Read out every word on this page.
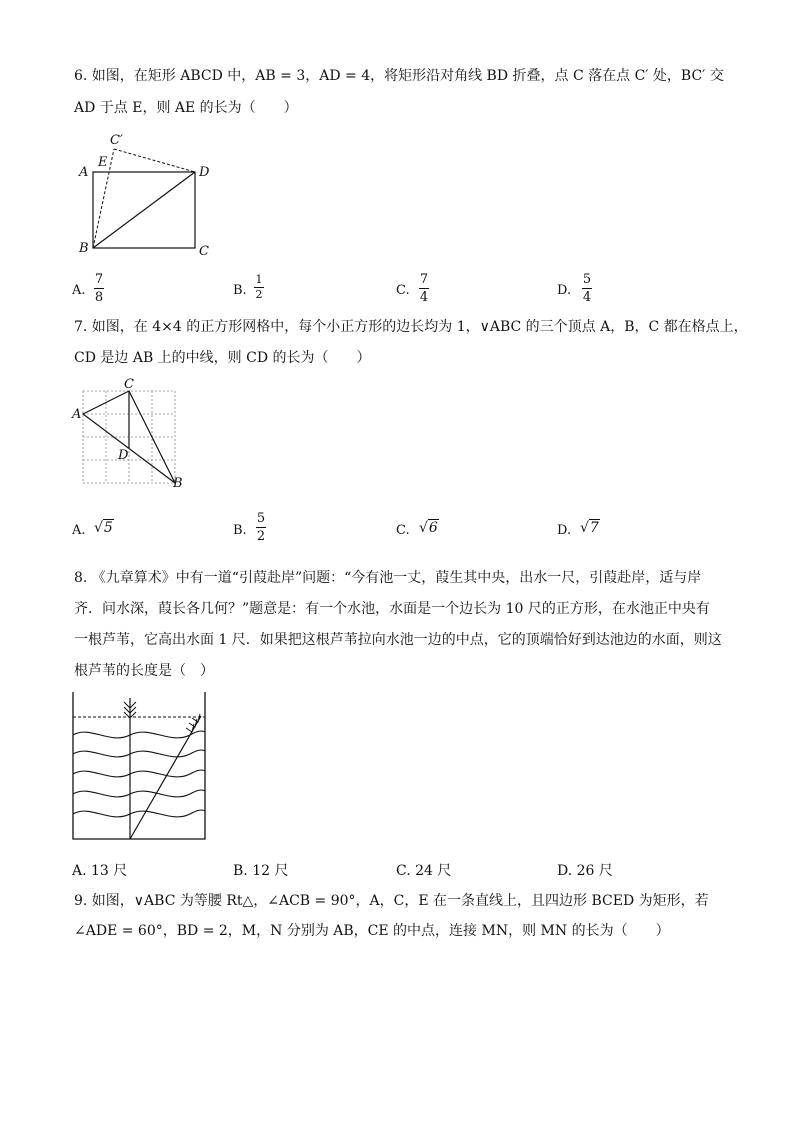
6. 如图，在矩形 ABCD 中，AB = 3，AD = 4，将矩形沿对角线 BD 折叠，点 C 落在点 C′ 处，BC′ 交
AD 于点 E，则 AE 的长为（　　）
C′
A
E
D
B	C
A.
7
8	B.
1
2	C.
7
4	D.
5
4
7. 如图，在 4×4 的正方形网格中，每个小正方形的边长均为 1，∨ABC 的三个顶点 A，B，C 都在格点上，
CD 是边 AB 上的中线，则 CD 的长为（　　）
C
A
D
B
A. √5	B.
5
2	C. √6	D. √7
8. 《九章算术》中有一道“引葭赴岸”问题：“今有池一丈，葭生其中央，出水一尺，引葭赴岸，适与岸
齐．问水深，葭长各几何？”题意是：有一个水池，水面是一个边长为 10 尺的正方形，在水池正中央有
一根芦苇，它高出水面 1 尺．如果把这根芦苇拉向水池一边的中点，它的顶端恰好到达池边的水面，则这
根芦苇的长度是（　）
A. 13 尺	B. 12 尺	C. 24 尺	D. 26 尺
9. 如图，∨ABC 为等腰 Rt△，∠ACB = 90°，A，C，E 在一条直线上，且四边形 BCED 为矩形，若
∠ADE = 60°，BD = 2，M，N 分别为 AB，CE 的中点，连接 MN，则 MN 的长为（　　）
